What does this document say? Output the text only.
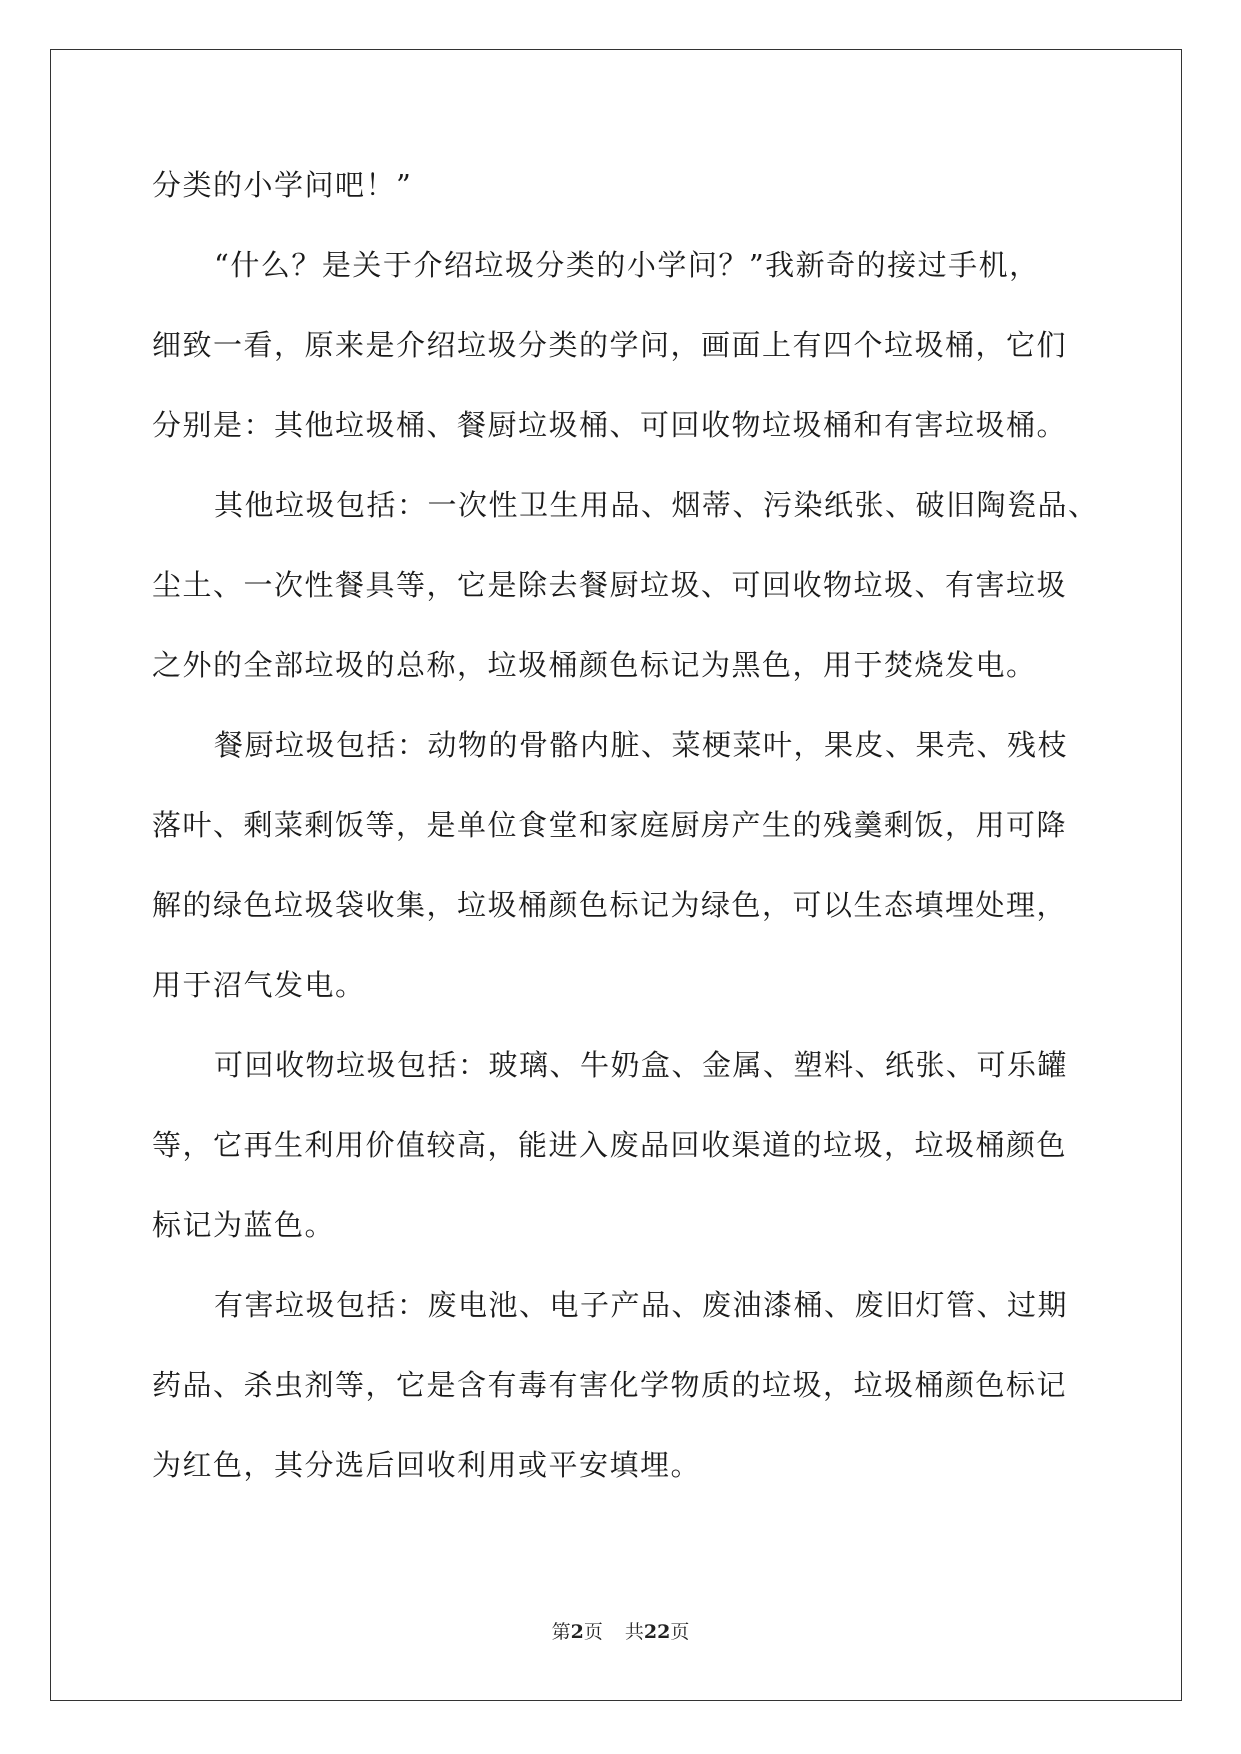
分类的小学问吧！”
“什么？是关于介绍垃圾分类的小学问？”我新奇的接过手机，
细致一看，原来是介绍垃圾分类的学问，画面上有四个垃圾桶，它们
分别是：其他垃圾桶、餐厨垃圾桶、可回收物垃圾桶和有害垃圾桶。
其他垃圾包括：一次性卫生用品、烟蒂、污染纸张、破旧陶瓷品、
尘土、一次性餐具等，它是除去餐厨垃圾、可回收物垃圾、有害垃圾
之外的全部垃圾的总称，垃圾桶颜色标记为黑色，用于焚烧发电。
餐厨垃圾包括：动物的骨骼内脏、菜梗菜叶，果皮、果壳、残枝
落叶、剩菜剩饭等，是单位食堂和家庭厨房产生的残羹剩饭，用可降
解的绿色垃圾袋收集，垃圾桶颜色标记为绿色，可以生态填埋处理，
用于沼气发电。
可回收物垃圾包括：玻璃、牛奶盒、金属、塑料、纸张、可乐罐
等，它再生利用价值较高，能进入废品回收渠道的垃圾，垃圾桶颜色
标记为蓝色。
有害垃圾包括：废电池、电子产品、废油漆桶、废旧灯管、过期
药品、杀虫剂等，它是含有毒有害化学物质的垃圾，垃圾桶颜色标记
为红色，其分选后回收利用或平安填埋。
第2页 共22页
